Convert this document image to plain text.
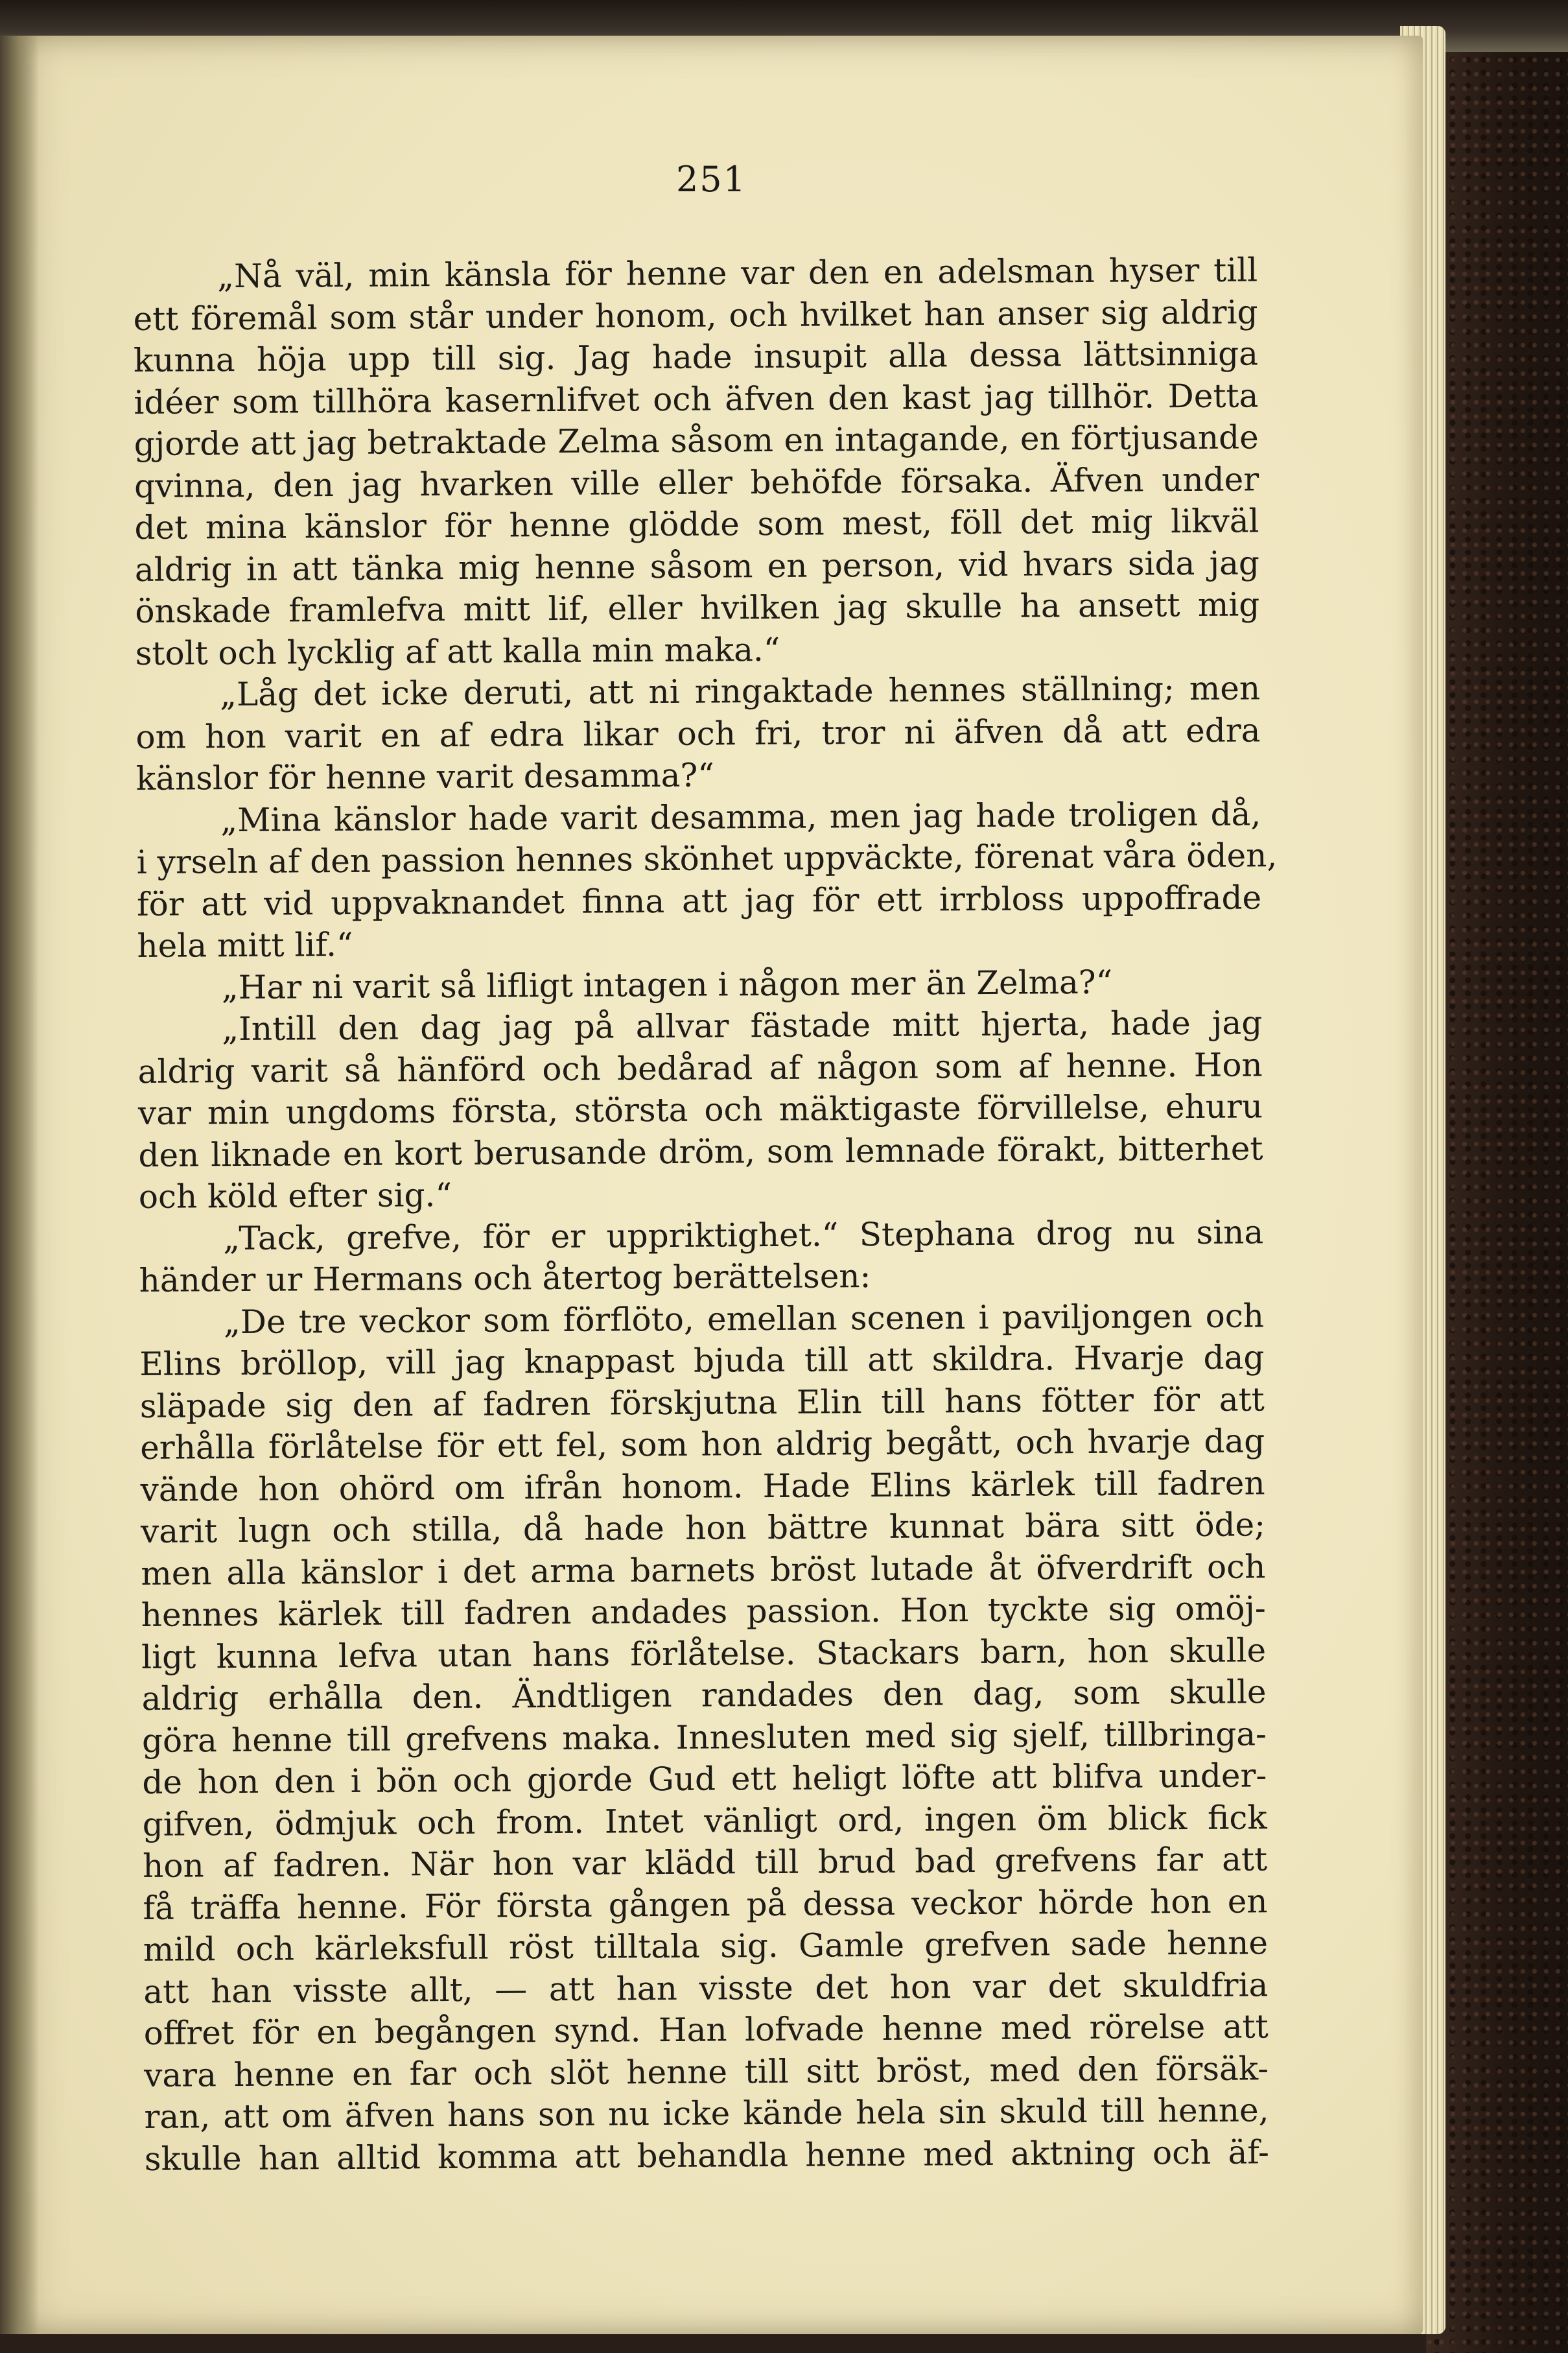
251
„Nå väl, min känsla för henne var den en adelsman hyser till
ett föremål som står under honom, och hvilket han anser sig aldrig
kunna höja upp till sig. Jag hade insupit alla dessa lättsinniga
idéer som tillhöra kasernlifvet och äfven den kast jag tillhör. Detta
gjorde att jag betraktade Zelma såsom en intagande, en förtjusande
qvinna, den jag hvarken ville eller behöfde försaka. Äfven under
det mina känslor för henne glödde som mest, föll det mig likväl
aldrig in att tänka mig henne såsom en person, vid hvars sida jag
önskade framlefva mitt lif, eller hvilken jag skulle ha ansett mig
stolt och lycklig af att kalla min maka.“
„Låg det icke deruti, att ni ringaktade hennes ställning; men
om hon varit en af edra likar och fri, tror ni äfven då att edra
känslor för henne varit desamma?“
„Mina känslor hade varit desamma, men jag hade troligen då,
i yrseln af den passion hennes skönhet uppväckte, förenat våra öden,
för att vid uppvaknandet finna att jag för ett irrbloss uppoffrade
hela mitt lif.“
„Har ni varit så lifligt intagen i någon mer än Zelma?“
„Intill den dag jag på allvar fästade mitt hjerta, hade jag
aldrig varit så hänförd och bedårad af någon som af henne. Hon
var min ungdoms första, största och mäktigaste förvillelse, ehuru
den liknade en kort berusande dröm, som lemnade förakt, bitterhet
och köld efter sig.“
„Tack, grefve, för er uppriktighet.“ Stephana drog nu sina
händer ur Hermans och återtog berättelsen:
„De tre veckor som förflöto, emellan scenen i paviljongen och
Elins bröllop, vill jag knappast bjuda till att skildra. Hvarje dag
släpade sig den af fadren förskjutna Elin till hans fötter för att
erhålla förlåtelse för ett fel, som hon aldrig begått, och hvarje dag
vände hon ohörd om ifrån honom. Hade Elins kärlek till fadren
varit lugn och stilla, då hade hon bättre kunnat bära sitt öde;
men alla känslor i det arma barnets bröst lutade åt öfverdrift och
hennes kärlek till fadren andades passion. Hon tyckte sig omöj-
ligt kunna lefva utan hans förlåtelse. Stackars barn, hon skulle
aldrig erhålla den. Ändtligen randades den dag, som skulle
göra henne till grefvens maka. Innesluten med sig sjelf, tillbringa-
de hon den i bön och gjorde Gud ett heligt löfte att blifva under-
gifven, ödmjuk och from. Intet vänligt ord, ingen öm blick fick
hon af fadren. När hon var klädd till brud bad grefvens far att
få träffa henne. För första gången på dessa veckor hörde hon en
mild och kärleksfull röst tilltala sig. Gamle grefven sade henne
att han visste allt, — att han visste det hon var det skuldfria
offret för en begången synd. Han lofvade henne med rörelse att
vara henne en far och slöt henne till sitt bröst, med den försäk-
ran, att om äfven hans son nu icke kände hela sin skuld till henne,
skulle han alltid komma att behandla henne med aktning och äf-
